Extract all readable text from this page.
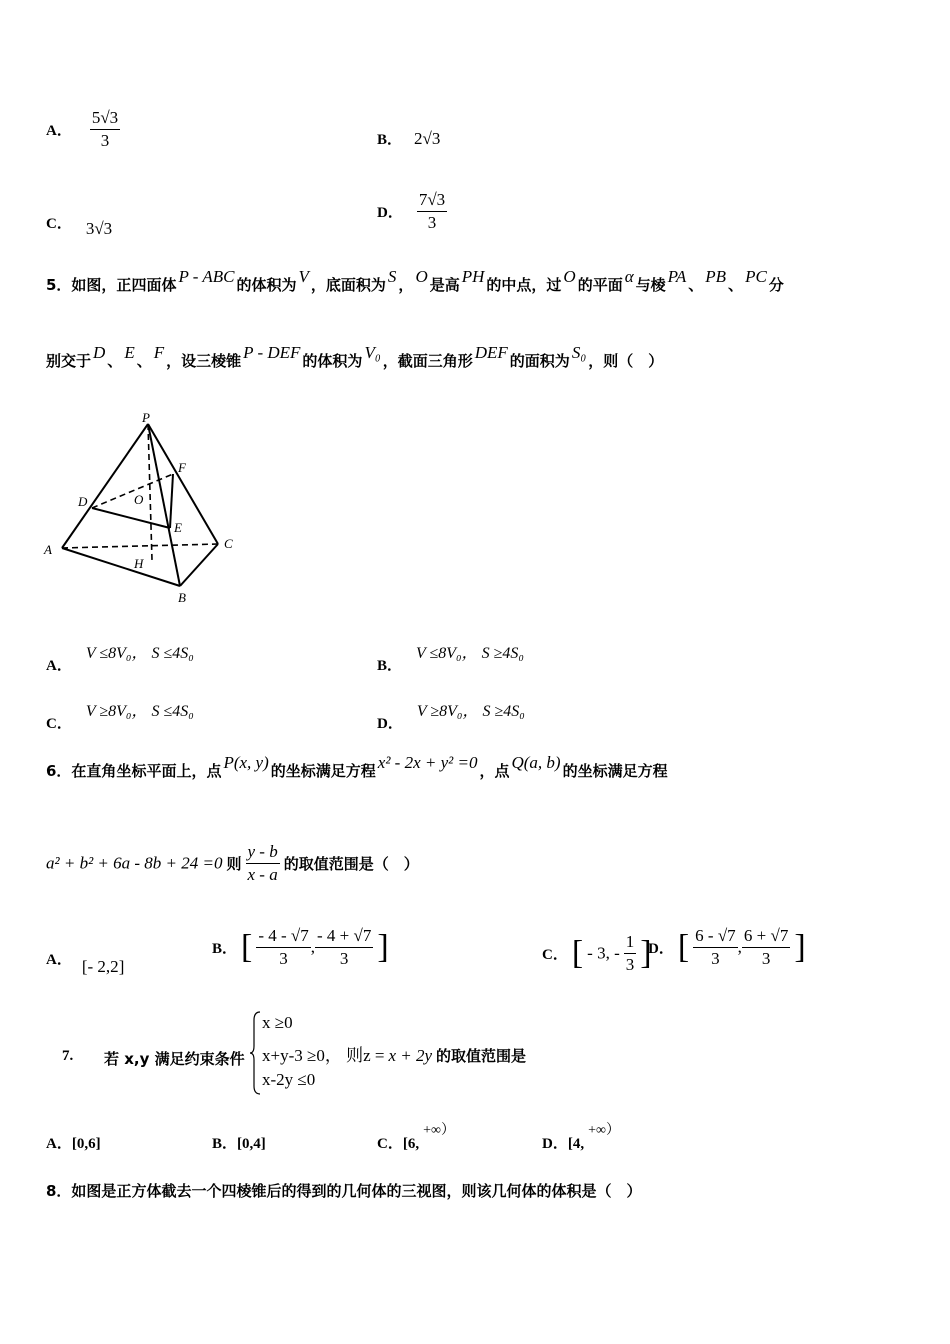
A． $\frac{5√3}{3}$	B． 2√3
C． 3√3
D． $\frac{7√3}{3}$
5．如图，正四面体 P - ABC 的体积为 V ，底面积为 S ， O 是高 PH 的中点，过 O 的平面 α 与棱 PA 、 PB 、 PC 分
别交于 D 、 E 、 F ，设三棱锥 P - DEF 的体积为 V₀ ，截面三角形 DEF 的面积为 S₀ ，则（　）
P
D
F
O
E
A	C
H
B
A． V ≤8V₀， S ≤4S₀
B． V ≤8V₀， S ≥4S₀
C． V ≥8V₀， S ≤4S₀
D． V ≥8V₀， S ≥4S₀
6．在直角坐标平面上，点 P(x, y) 的坐标满足方程 x² - 2x + y² =0 ，点 Q(a, b) 的坐标满足方程
a² + b² + 6a - 8b + 24 =0 则 $\frac{y - b}{x - a}$ 的取值范围是（　）
A． [- 2,2]
B． [ $\frac{- 4 - √7}{3}$ , $\frac{- 4 + √7}{3}$ ]	C． [ - 3, - $\frac{1}{3}$ ]
D． [ $\frac{6 - √7}{3}$ , $\frac{6 + √7}{3}$ ]
7. 若 x,y 满足约束条件
x ≥0
x+y-3 ≥0， 则z = x + 2y 的取值范围是
x-2y ≤0
A．[0,6]	B．[0,4]	C．[6, +∞）
D．[4, +∞）
8．如图是正方体截去一个四棱锥后的得到的几何体的三视图，则该几何体的体积是（　）
